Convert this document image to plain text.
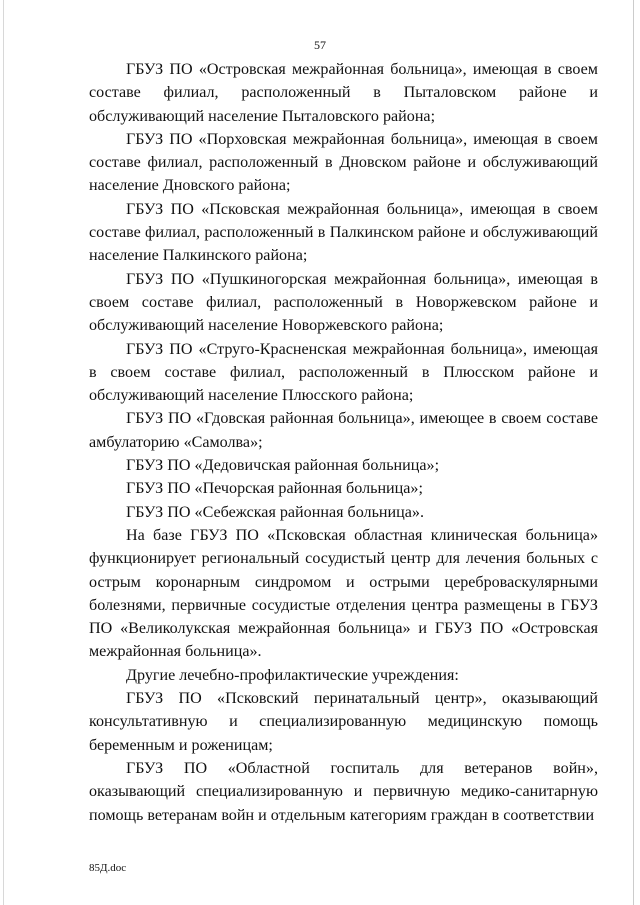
57

ГБУЗ ПО «Островская межрайонная больница», имеющая в своем составе филиал, расположенный в Пыталовском районе и обслуживающий население Пыталовского района;

ГБУЗ ПО «Порховская межрайонная больница», имеющая в своем составе филиал, расположенный в Дновском районе и обслуживающий население Дновского района;

ГБУЗ ПО «Псковская межрайонная больница», имеющая в своем составе филиал, расположенный в Палкинском районе и обслуживающий население Палкинского района;

ГБУЗ ПО «Пушкиногорская межрайонная больница», имеющая в своем составе филиал, расположенный в Новоржевском районе и обслуживающий население Новоржевского района;

ГБУЗ ПО «Струго-Красненская межрайонная больница», имеющая в своем составе филиал, расположенный в Плюсском районе и обслуживающий население Плюсского района;

ГБУЗ ПО «Гдовская районная больница», имеющее в своем составе амбулаторию «Самолва»;

ГБУЗ ПО «Дедовичская районная больница»;

ГБУЗ ПО «Печорская районная больница»;

ГБУЗ ПО «Себежская районная больница».

На базе ГБУЗ ПО «Псковская областная клиническая больница» функционирует региональный сосудистый центр для лечения больных с острым коронарным синдромом и острыми цереброваскулярными болезнями, первичные сосудистые отделения центра размещены в ГБУЗ ПО «Великолукская межрайонная больница» и ГБУЗ ПО «Островская межрайонная больница».

Другие лечебно-профилактические учреждения:

ГБУЗ ПО «Псковский перинатальный центр», оказывающий консультативную и специализированную медицинскую помощь беременным и роженицам;

ГБУЗ ПО «Областной госпиталь для ветеранов войн», оказывающий специализированную и первичную медико-санитарную помощь ветеранам войн и отдельным категориям граждан в соответствии

85Д.doc
